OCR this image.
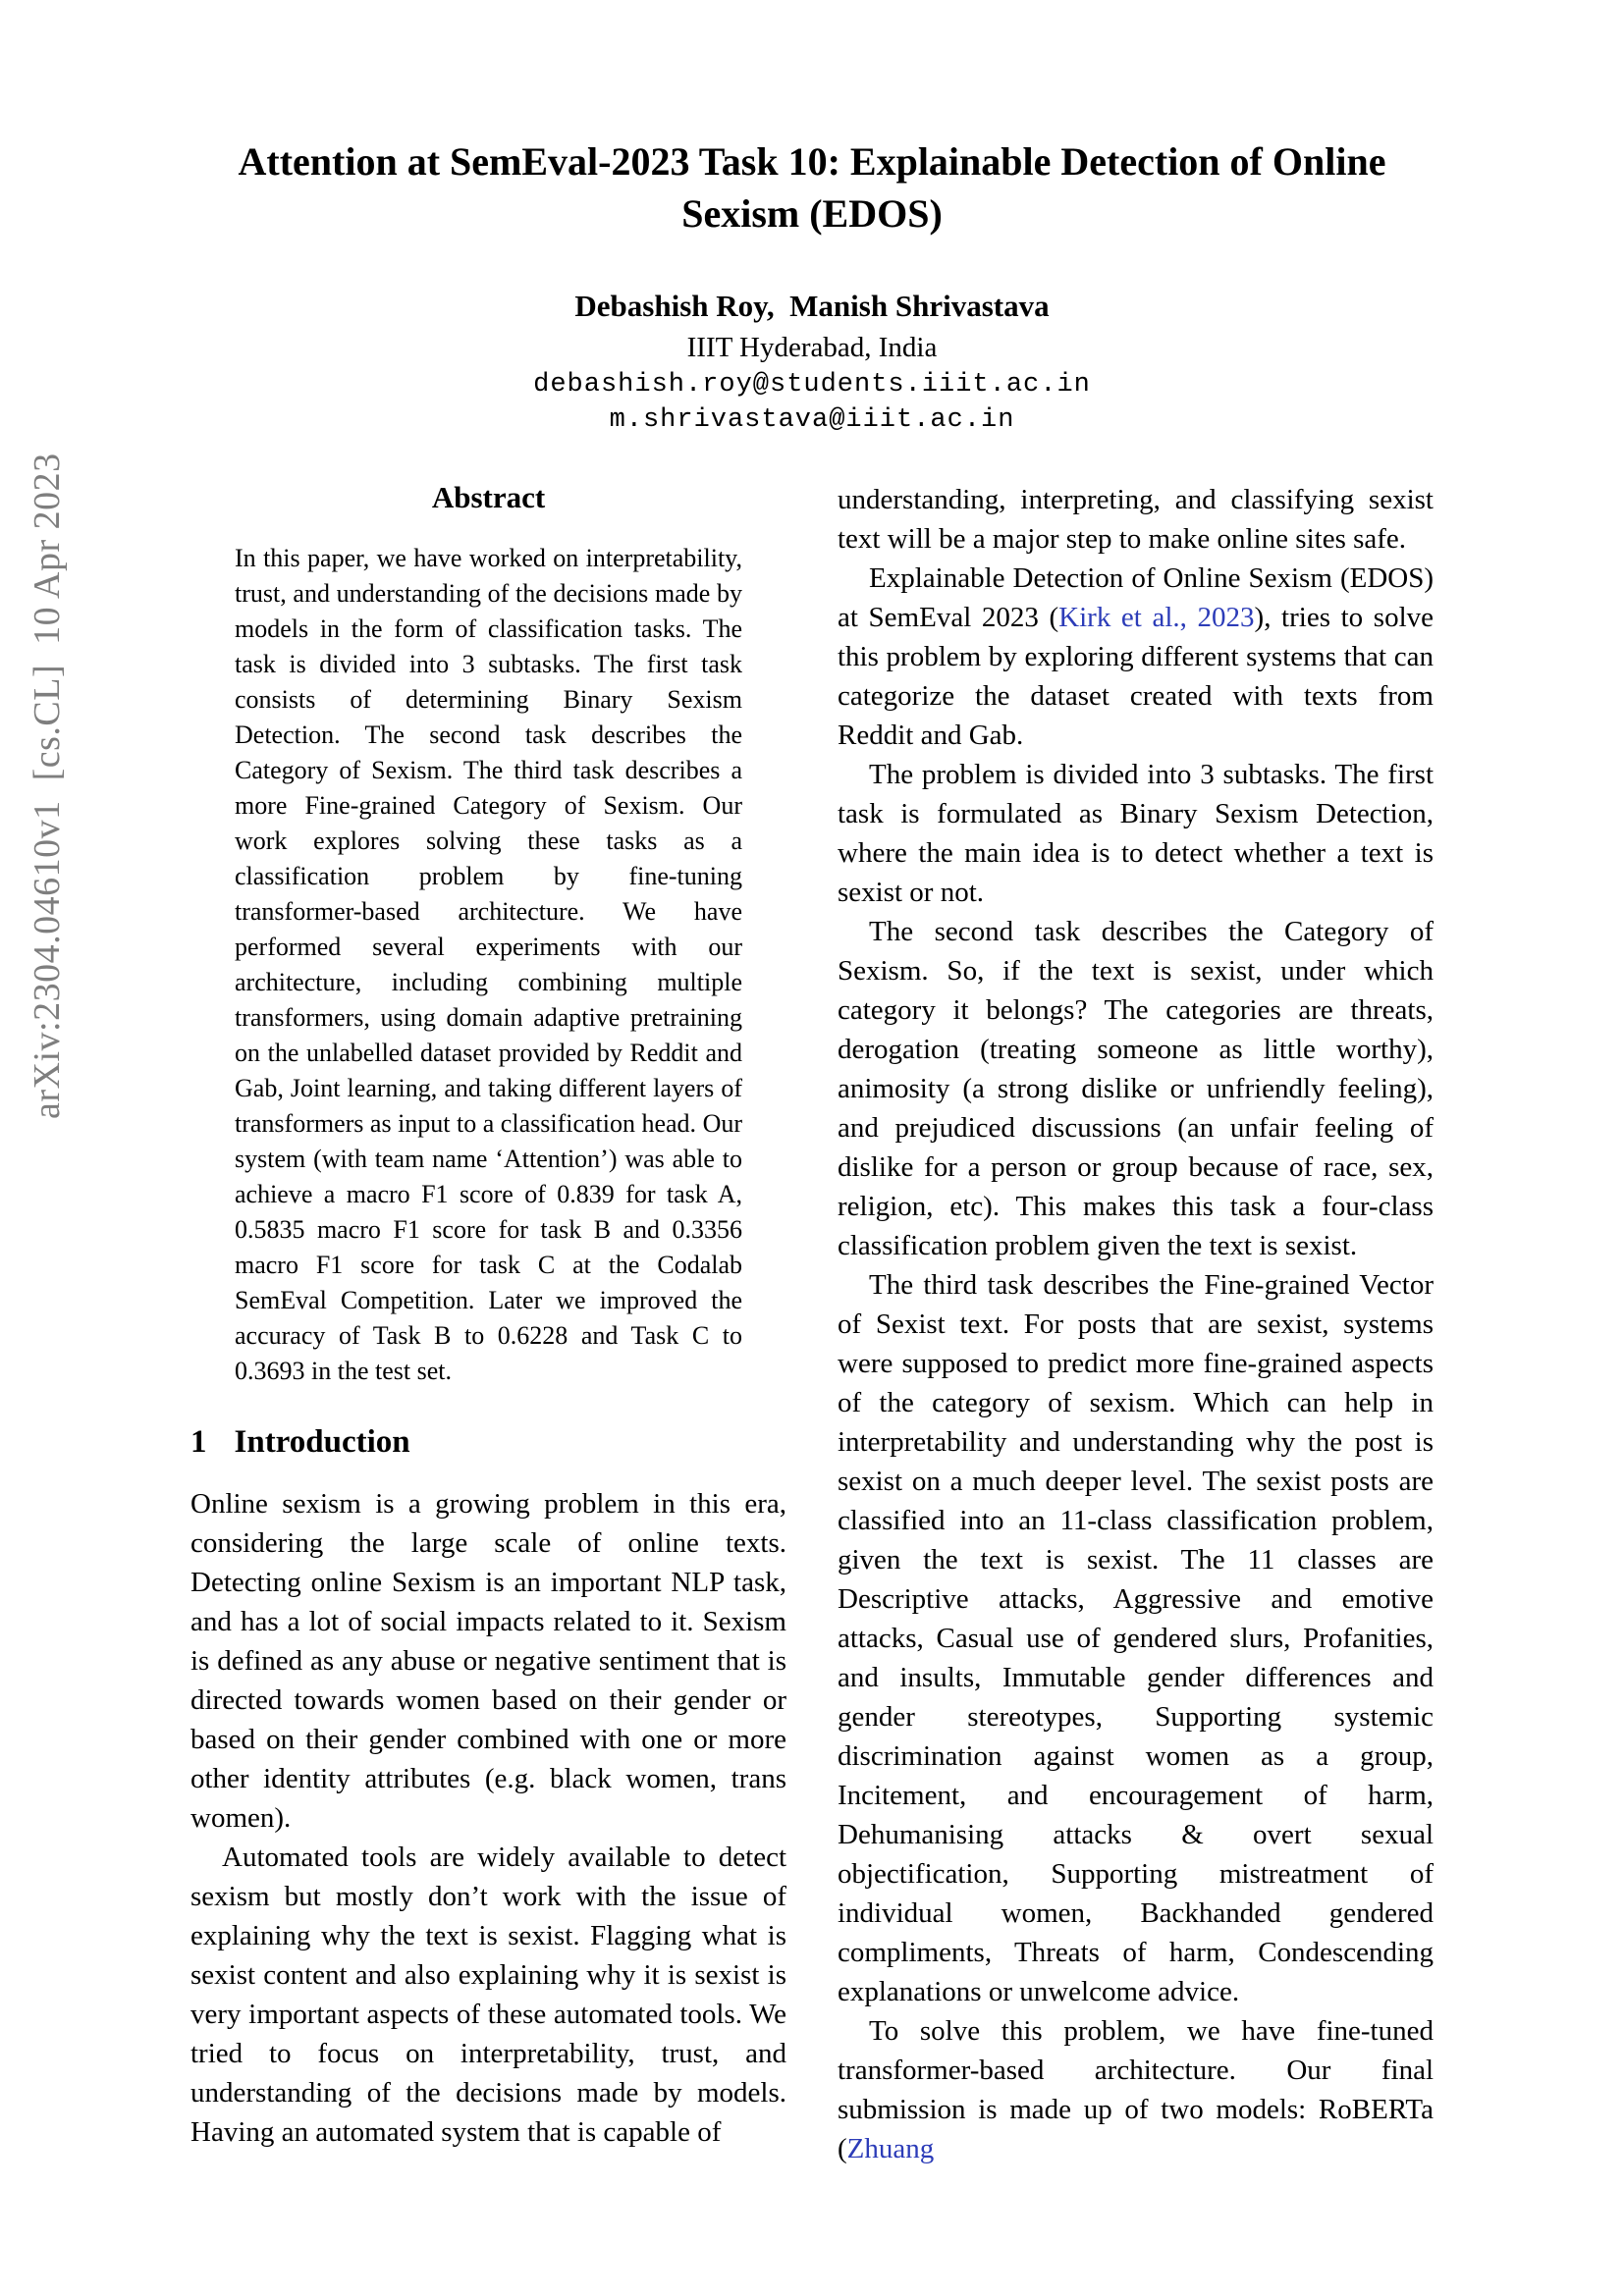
arXiv:2304.04610v1  [cs.CL]  10 Apr 2023
Attention at SemEval-2023 Task 10: Explainable Detection of Online
Sexism (EDOS)
Debashish Roy,  Manish Shrivastava
IIIT Hyderabad, India
debashish.roy@students.iiit.ac.in
m.shrivastava@iiit.ac.in
Abstract
In this paper, we have worked on interpretability, trust, and understanding of the decisions made by models in the form of classification tasks. The task is divided into 3 subtasks. The first task consists of determining Binary Sexism Detection. The second task describes the Category of Sexism. The third task describes a more Fine-grained Category of Sexism. Our work explores solving these tasks as a classification problem by fine-tuning transformer-based architecture. We have performed several experiments with our architecture, including combining multiple transformers, using domain adaptive pretraining on the unlabelled dataset provided by Reddit and Gab, Joint learning, and taking different layers of transformers as input to a classification head. Our system (with team name ‘Attention’) was able to achieve a macro F1 score of 0.839 for task A, 0.5835 macro F1 score for task B and 0.3356 macro F1 score for task C at the Codalab SemEval Competition. Later we improved the accuracy of Task B to 0.6228 and Task C to 0.3693 in the test set.
1 Introduction

Online sexism is a growing problem in this era, considering the large scale of online texts. Detecting online Sexism is an important NLP task, and has a lot of social impacts related to it. Sexism is defined as any abuse or negative sentiment that is directed towards women based on their gender or based on their gender combined with one or more other identity attributes (e.g. black women, trans women).

Automated tools are widely available to detect sexism but mostly don’t work with the issue of explaining why the text is sexist. Flagging what is sexist content and also explaining why it is sexist is very important aspects of these automated tools. We tried to focus on interpretability, trust, and understanding of the decisions made by models. Having an automated system that is capable of

understanding, interpreting, and classifying sexist text will be a major step to make online sites safe.

Explainable Detection of Online Sexism (EDOS) at SemEval 2023 (Kirk et al., 2023), tries to solve this problem by exploring different systems that can categorize the dataset created with texts from Reddit and Gab.

The problem is divided into 3 subtasks. The first task is formulated as Binary Sexism Detection, where the main idea is to detect whether a text is sexist or not.

The second task describes the Category of Sexism. So, if the text is sexist, under which category it belongs? The categories are threats, derogation (treating someone as little worthy), animosity (a strong dislike or unfriendly feeling), and prejudiced discussions (an unfair feeling of dislike for a person or group because of race, sex, religion, etc). This makes this task a four-class classification problem given the text is sexist.

The third task describes the Fine-grained Vector of Sexist text. For posts that are sexist, systems were supposed to predict more fine-grained aspects of the category of sexism. Which can help in interpretability and understanding why the post is sexist on a much deeper level. The sexist posts are classified into an 11-class classification problem, given the text is sexist. The 11 classes are Descriptive attacks, Aggressive and emotive attacks, Casual use of gendered slurs, Profanities, and insults, Immutable gender differences and gender stereotypes, Supporting systemic discrimination against women as a group, Incitement, and encouragement of harm, Dehumanising attacks & overt sexual objectification, Supporting mistreatment of individual women, Backhanded gendered compliments, Threats of harm, Condescending explanations or unwelcome advice.

To solve this problem, we have fine-tuned transformer-based architecture. Our final submission is made up of two models: RoBERTa (Zhuang
